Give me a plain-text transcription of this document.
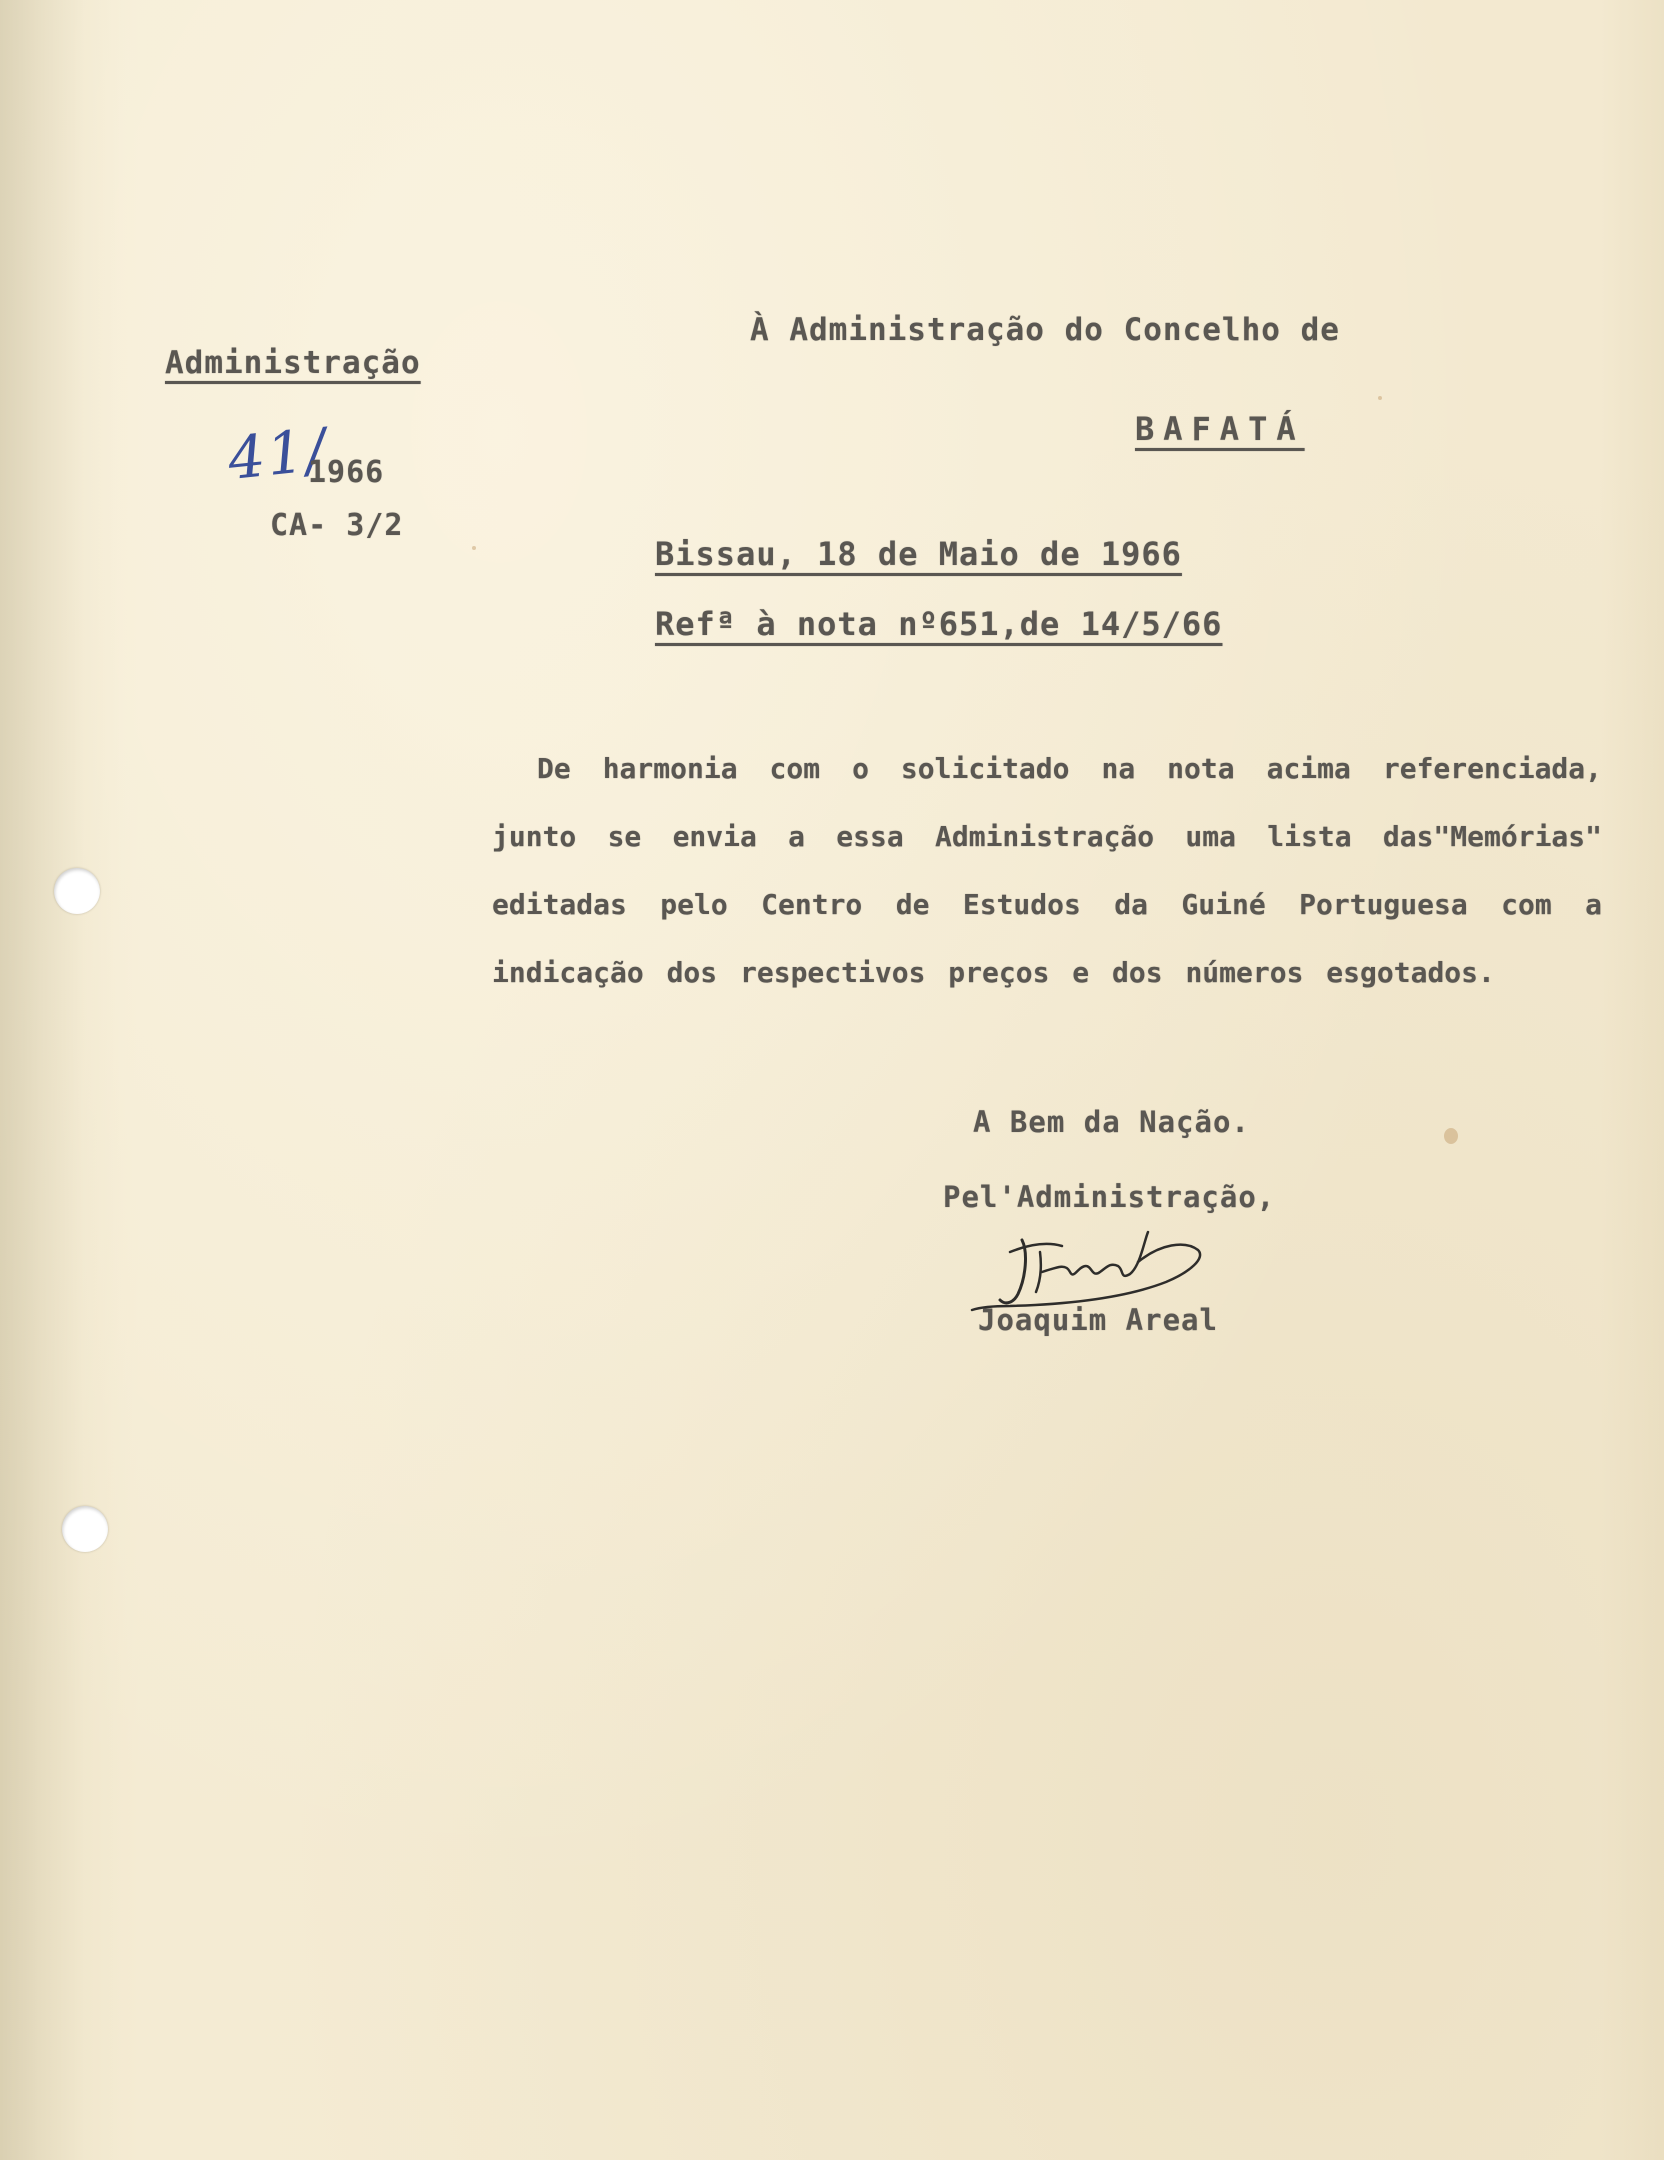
À Administração do Concelho de
BAFATÁ
Administração
41/
1966
CA- 3/2
Bissau, 18 de Maio de 1966
Refª à nota nº651,de 14/5/66

De harmonia com o solicitado na nota acima referenciada, junto se envia a essa Administração uma lista das"Memórias" editadas pelo Centro de Estudos da Guiné Portuguesa com a indicação dos respectivos preços e dos números esgotados.

A Bem da Nação.
Pel'Administração,
Joaquim Areal
